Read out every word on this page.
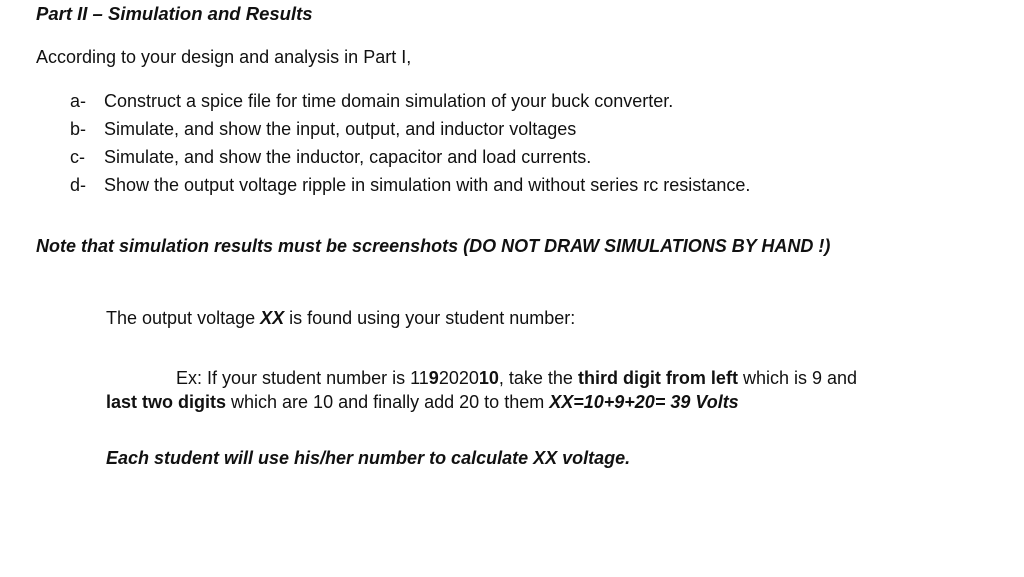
Part II – Simulation and Results
According to your design and analysis in Part I,
a- Construct a spice file for time domain simulation of your buck converter.
b- Simulate, and show the input, output, and inductor voltages
c- Simulate, and show the inductor, capacitor and load currents.
d- Show the output voltage ripple in simulation with and without series rc resistance.
Note that simulation results must be screenshots (DO NOT DRAW SIMULATIONS BY HAND !)
The output voltage XX is found using your student number:
Ex: If your student number is 119202010, take the third digit from left which is 9 and
last two digits which are 10 and finally add 20 to them XX=10+9+20= 39 Volts
Each student will use his/her number to calculate XX voltage.
